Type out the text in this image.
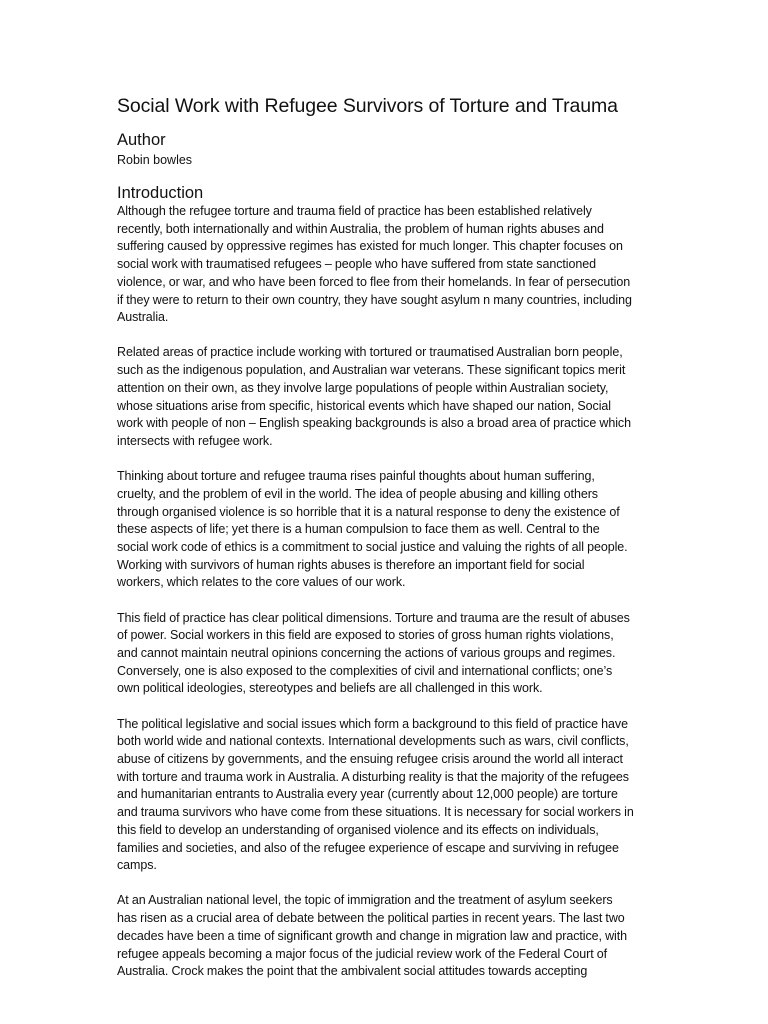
Social Work with Refugee Survivors of Torture and Trauma
Author
Robin bowles
Introduction

Although the refugee torture and trauma field of practice has been established relatively
recently, both internationally and within Australia, the problem of human rights abuses and
suffering caused by oppressive regimes has existed for much longer. This chapter focuses on
social work with traumatised refugees – people who have suffered from state sanctioned
violence, or war, and who have been forced to flee from their homelands. In fear of persecution
if they were to return to their own country, they have sought asylum n many countries, including
Australia.

Related areas of practice include working with tortured or traumatised Australian born people,
such as the indigenous population, and Australian war veterans. These significant topics merit
attention on their own, as they involve large populations of people within Australian society,
whose situations arise from specific, historical events which have shaped our nation, Social
work with people of non – English speaking backgrounds is also a broad area of practice which
intersects with refugee work.

Thinking about torture and refugee trauma rises painful thoughts about human suffering,
cruelty, and the problem of evil in the world. The idea of people abusing and killing others
through organised violence is so horrible that it is a natural response to deny the existence of
these aspects of life; yet there is a human compulsion to face them as well. Central to the
social work code of ethics is a commitment to social justice and valuing the rights of all people.
Working with survivors of human rights abuses is therefore an important field for social
workers, which relates to the core values of our work.

This field of practice has clear political dimensions. Torture and trauma are the result of abuses
of power. Social workers in this field are exposed to stories of gross human rights violations,
and cannot maintain neutral opinions concerning the actions of various groups and regimes.
Conversely, one is also exposed to the complexities of civil and international conflicts; one’s
own political ideologies, stereotypes and beliefs are all challenged in this work.

The political legislative and social issues which form a background to this field of practice have
both world wide and national contexts. International developments such as wars, civil conflicts,
abuse of citizens by governments, and the ensuing refugee crisis around the world all interact
with torture and trauma work in Australia. A disturbing reality is that the majority of the refugees
and humanitarian entrants to Australia every year (currently about 12,000 people) are torture
and trauma survivors who have come from these situations. It is necessary for social workers in
this field to develop an understanding of organised violence and its effects on individuals,
families and societies, and also of the refugee experience of escape and surviving in refugee
camps.

At an Australian national level, the topic of immigration and the treatment of asylum seekers
has risen as a crucial area of debate between the political parties in recent years. The last two
decades have been a time of significant growth and change in migration law and practice, with
refugee appeals becoming a major focus of the judicial review work of the Federal Court of
Australia. Crock makes the point that the ambivalent social attitudes towards accepting
